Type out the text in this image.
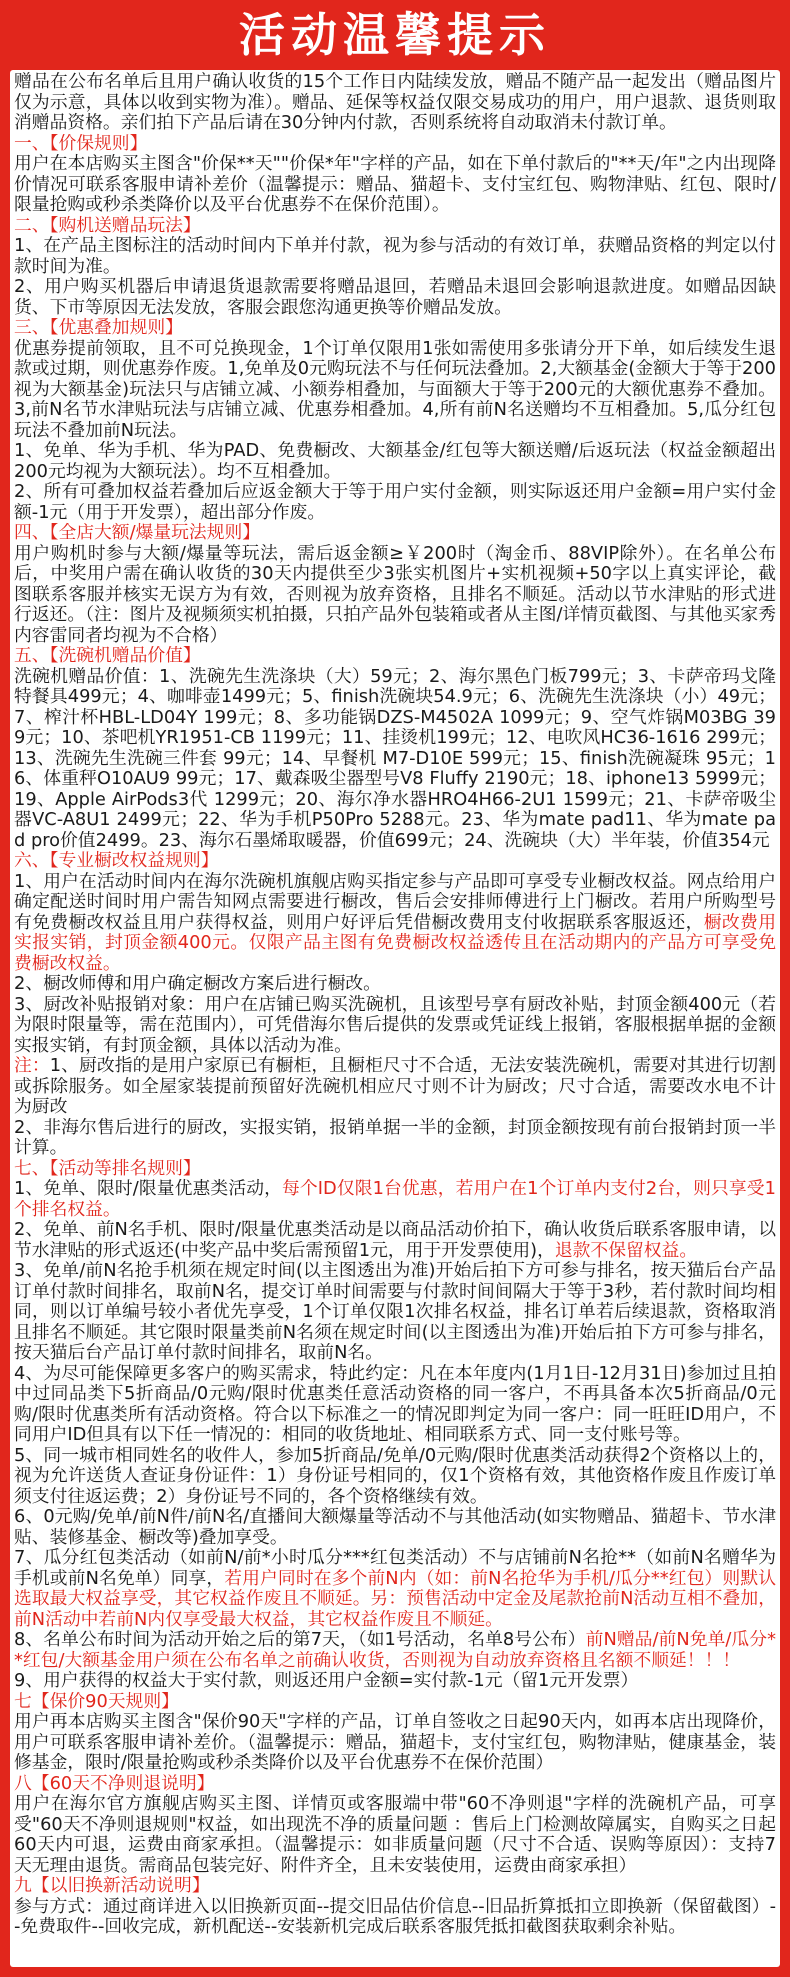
活动温馨提示

赠品在公布名单后且用户确认收货的15个工作日内陆续发放，赠品不随产品一起发出（赠品图片仅为示意，具体以收到实物为准）。赠品、延保等权益仅限交易成功的用户，用户退款、退货则取消赠品资格。亲们拍下产品后请在30分钟内付款，否则系统将自动取消未付款订单。

一、【价保规则】

用户在本店购买主图含"价保**天""价保*年"字样的产品，如在下单付款后的"**天/年"之内出现降价情况可联系客服申请补差价（温馨提示：赠品、猫超卡、支付宝红包、购物津贴、红包、限时/限量抢购或秒杀类降价以及平台优惠券不在保价范围）。

二、【购机送赠品玩法】

1、在产品主图标注的活动时间内下单并付款，视为参与活动的有效订单，获赠品资格的判定以付款时间为准。

2、用户购买机器后申请退货退款需要将赠品退回，若赠品未退回会影响退款进度。如赠品因缺货、下市等原因无法发放，客服会跟您沟通更换等价赠品发放。

三、【优惠叠加规则】

优惠券提前领取，且不可兑换现金，1个订单仅限用1张如需使用多张请分开下单，如后续发生退款或过期，则优惠券作废。1,免单及0元购玩法不与任何玩法叠加。2,大额基金(金额大于等于200视为大额基金)玩法只与店铺立减、小额券相叠加，与面额大于等于200元的大额优惠券不叠加。3,前N名节水津贴玩法与店铺立减、优惠券相叠加。4,所有前N名送赠均不互相叠加。5,瓜分红包玩法不叠加前N玩法。

1、免单、华为手机、华为PAD、免费橱改、大额基金/红包等大额送赠/后返玩法（权益金额超出200元均视为大额玩法）。均不互相叠加。

2、所有可叠加权益若叠加后应返金额大于等于用户实付金额，则实际返还用户金额=用户实付金额-1元（用于开发票），超出部分作废。

四、【全店大额/爆量玩法规则】

用户购机时参与大额/爆量等玩法，需后返金额≥￥200时（淘金币、88VIP除外）。在名单公布后，中奖用户需在确认收货的30天内提供至少3张实机图片+实机视频+50字以上真实评论，截图联系客服并核实无误方为有效，否则视为放弃资格，且排名不顺延。活动以节水津贴的形式进行返还。（注：图片及视频须实机拍摄，只拍产品外包装箱或者从主图/详情页截图、与其他买家秀内容雷同者均视为不合格）

五、【洗碗机赠品价值】

洗碗机赠品价值：1、洗碗先生洗涤块（大）59元；2、海尔黑色门板799元；3、卡萨帝玛戈隆特餐具499元；4、咖啡壶1499元；5、finish洗碗块54.9元；6、洗碗先生洗涤块（小）49元；7、榨汁杯HBL-LD04Y 199元；8、多功能锅DZS-M4502A 1099元；9、空气炸锅M03BG 399元；10、茶吧机YR1951-CB 1199元；11、挂烫机199元；12、电吹风HC36-1616 299元；13、洗碗先生洗碗三件套 99元；14、早餐机 M7-D10E 599元；15、finish洗碗凝珠 95元；16、体重秤O10AU9 99元；17、戴森吸尘器型号V8 Fluffy 2190元；18、iphone13 5999元；19、Apple AirPods3代 1299元；20、海尔净水器HRO4H66-2U1 1599元；21、卡萨帝吸尘器VC-A8U1 2499元；22、华为手机P50Pro 5288元。23、华为mate pad11、华为mate pad pro价值2499。23、海尔石墨烯取暖器，价值699元；24、洗碗块（大）半年装，价值354元

六、【专业橱改权益规则】

1、用户在活动时间内在海尔洗碗机旗舰店购买指定参与产品即可享受专业橱改权益。网点给用户确定配送时间时用户需告知网点需要进行橱改，售后会安排师傅进行上门橱改。若用户所购型号有免费橱改权益且用户获得权益，则用户好评后凭借橱改费用支付收据联系客服返还，橱改费用实报实销，封顶金额400元。仅限产品主图有免费橱改权益透传且在活动期内的产品方可享受免费橱改权益。

2、橱改师傅和用户确定橱改方案后进行橱改。

3、厨改补贴报销对象：用户在店铺已购买洗碗机，且该型号享有厨改补贴，封顶金额400元（若为限时限量等，需在范围内），可凭借海尔售后提供的发票或凭证线上报销，客服根据单据的金额实报实销，有封顶金额，具体以活动为准。

注：1、厨改指的是用户家原已有橱柜，且橱柜尺寸不合适，无法安装洗碗机，需要对其进行切割或拆除服务。如全屋家装提前预留好洗碗机相应尺寸则不计为厨改；尺寸合适，需要改水电不计为厨改

2、非海尔售后进行的厨改，实报实销，报销单据一半的金额，封顶金额按现有前台报销封顶一半计算。

七、【活动等排名规则】

1、免单、限时/限量优惠类活动，每个ID仅限1台优惠，若用户在1个订单内支付2台，则只享受1个排名权益。

2、免单、前N名手机、限时/限量优惠类活动是以商品活动价拍下，确认收货后联系客服申请，以节水津贴的形式返还(中奖产品中奖后需预留1元，用于开发票使用)，退款不保留权益。

3、免单/前N名抢手机须在规定时间(以主图透出为准)开始后拍下方可参与排名，按天猫后台产品订单付款时间排名，取前N名，提交订单时间需要与付款时间间隔大于等于3秒，若付款时间均相同，则以订单编号较小者优先享受，1个订单仅限1次排名权益，排名订单若后续退款，资格取消且排名不顺延。其它限时限量类前N名须在规定时间(以主图透出为准)开始后拍下方可参与排名，按天猫后台产品订单付款时间排名，取前N名。

4、为尽可能保障更多客户的购买需求，特此约定：凡在本年度内(1月1日-12月31日)参加过且拍中过同品类下5折商品/0元购/限时优惠类任意活动资格的同一客户，不再具备本次5折商品/0元购/限时优惠类所有活动资格。符合以下标准之一的情况即判定为同一客户：同一旺旺ID用户，不同用户ID但具有以下任一情况的：相同的收货地址、相同联系方式、同一支付账号等。

5、同一城市相同姓名的收件人，参加5折商品/免单/0元购/限时优惠类活动获得2个资格以上的，视为允许送货人查证身份证件：1）身份证号相同的，仅1个资格有效，其他资格作废且作废订单须支付往返运费；2）身份证号不同的，各个资格继续有效。

6、0元购/免单/前N件/前N名/直播间大额爆量等活动不与其他活动(如实物赠品、猫超卡、节水津贴、装修基金、橱改等)叠加享受。

7、瓜分红包类活动（如前N/前*小时瓜分***红包类活动）不与店铺前N名抢**（如前N名赠华为手机或前N名免单）同享，若用户同时在多个前N内（如：前N名抢华为手机/瓜分**红包）则默认选取最大权益享受，其它权益作废且不顺延。另：预售活动中定金及尾款抢前N活动互相不叠加，前N活动中若前N内仅享受最大权益，其它权益作废且不顺延。

8、名单公布时间为活动开始之后的第7天，（如1号活动，名单8号公布）前N赠品/前N免单/瓜分**红包/大额基金用户须在公布名单之前确认收货，否则视为自动放弃资格且名额不顺延！！！

9、用户获得的权益大于实付款，则返还用户金额=实付款-1元（留1元开发票）

七【保价90天规则】

用户再本店购买主图含"保价90天"字样的产品，订单自签收之日起90天内，如再本店出现降价，用户可联系客服申请补差价。（温馨提示：赠品，猫超卡，支付宝红包，购物津贴，健康基金，装修基金，限时/限量抢购或秒杀类降价以及平台优惠券不在保价范围）

八【60天不净则退说明】

用户在海尔官方旗舰店购买主图、详情页或客服端中带"60不净则退"字样的洗碗机产品，可享受"60天不净则退规则"权益，如出现洗不净的质量问题 ：售后上门检测故障属实，自购买之日起60天内可退，运费由商家承担。（温馨提示：如非质量问题（尺寸不合适、误购等原因）：支持7天无理由退货。需商品包装完好、附件齐全，且未安装使用，运费由商家承担）

九【以旧换新活动说明】

参与方式：通过商详进入以旧换新页面--提交旧品估价信息--旧品折算抵扣立即换新（保留截图）--免费取件--回收完成，新机配送--安装新机完成后联系客服凭抵扣截图获取剩余补贴。
